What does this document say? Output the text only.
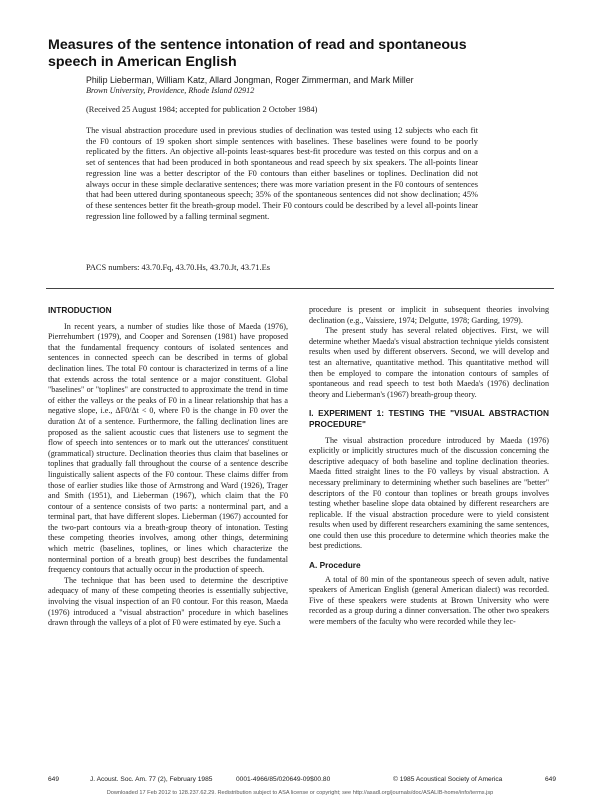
Measures of the sentence intonation of read and spontaneous speech in American English
Philip Lieberman, William Katz, Allard Jongman, Roger Zimmerman, and Mark Miller
Brown University, Providence, Rhode Island 02912
(Received 25 August 1984; accepted for publication 2 October 1984)

The visual abstraction procedure used in previous studies of declination was tested using 12 subjects who each fit the F0 contours of 19 spoken short simple sentences with baselines. These baselines were found to be poorly replicated by the fitters. An objective all-points least-squares best-fit procedure was tested on this corpus and on a set of sentences that had been produced in both spontaneous and read speech by six speakers. The all-points linear regression line was a better descriptor of the F0 contours than either baselines or toplines. Declination did not always occur in these simple declarative sentences; there was more variation present in the F0 contours of sentences that had been uttered during spontaneous speech; 35% of the spontaneous sentences did not show declination; 45% of these sentences better fit the breath-group model. Their F0 contours could be described by a level all-points linear regression line followed by a falling terminal segment.

PACS numbers: 43.70.Fq, 43.70.Hs, 43.70.Jt, 43.71.Es

INTRODUCTION

In recent years, a number of studies like those of Maeda (1976), Pierrehumbert (1979), and Cooper and Sorensen (1981) have proposed that the fundamental frequency contours of isolated sentences and sentences in connected speech can be described in terms of global declination lines. The total F0 contour is characterized in terms of a line that extends across the total sentence or a major constituent. Global "baselines" or "toplines" are constructed to approximate the trend in time of either the valleys or the peaks of F0 in a linear relationship that has a negative slope, i.e., ΔF0/Δt < 0, where F0 is the change in F0 over the duration Δt of a sentence. Furthermore, the falling declination lines are proposed as the salient acoustic cues that listeners use to segment the flow of speech into sentences or to mark out the utterances' constituent (grammatical) structure. Declination theories thus claim that baselines or toplines that gradually fall throughout the course of a sentence describe linguistically salient aspects of the F0 contour. These claims differ from those of earlier studies like those of Armstrong and Ward (1926), Trager and Smith (1951), and Lieberman (1967), which claim that the F0 contour of a sentence consists of two parts: a nonterminal part, and a terminal part, that have different slopes. Lieberman (1967) accounted for the two-part contours via a breath-group theory of intonation. Testing these competing theories involves, among other things, determining which metric (baselines, toplines, or lines which characterize the nonterminal portion of a breath group) best describes the fundamental frequency contours that actually occur in the production of speech.

The technique that has been used to determine the descriptive adequacy of many of these competing theories is essentially subjective, involving the visual inspection of an F0 contour. For this reason, Maeda (1976) introduced a "visual abstraction" procedure in which baselines drawn through the valleys of a plot of F0 were estimated by eye. Such a

procedure is present or implicit in subsequent theories involving declination (e.g., Vaissiere, 1974; Delgutte, 1978; Garding, 1979).

The present study has several related objectives. First, we will determine whether Maeda's visual abstraction technique yields consistent results when used by different observers. Second, we will develop and test an alternative, quantitative method. This quantitative method will then be employed to compare the intonation contours of samples of spontaneous and read speech to test both Maeda's (1976) declination theory and Lieberman's (1967) breath-group theory.

I. EXPERIMENT 1: TESTING THE "VISUAL ABSTRACTION PROCEDURE"

The visual abstraction procedure introduced by Maeda (1976) explicitly or implicitly structures much of the discussion concerning the descriptive adequacy of both baseline and topline declination theories. Maeda fitted straight lines to the F0 valleys by visual abstraction. A necessary preliminary to determining whether such baselines are "better" descriptors of the F0 contour than toplines or breath groups involves testing whether baseline slope data obtained by different researchers are replicable. If the visual abstraction procedure were to yield consistent results when used by different researchers examining the same sentences, one could then use this procedure to determine which theories make the best predictions.

A. Procedure

A total of 80 min of the spontaneous speech of seven adult, native speakers of American English (general American dialect) was recorded. Five of these speakers were students at Brown University who were recorded as a group during a dinner conversation. The other two speakers were members of the faculty who were recorded while they lec-

649	J. Acoust. Soc. Am. 77 (2), February 1985	0001-4966/85/020649-09$00.80	© 1985 Acoustical Society of America	649
Downloaded 17 Feb 2012 to 128.237.62.29. Redistribution subject to ASA license or copyright; see http://asadl.org/journals/doc/ASALIB-home/info/terms.jsp
